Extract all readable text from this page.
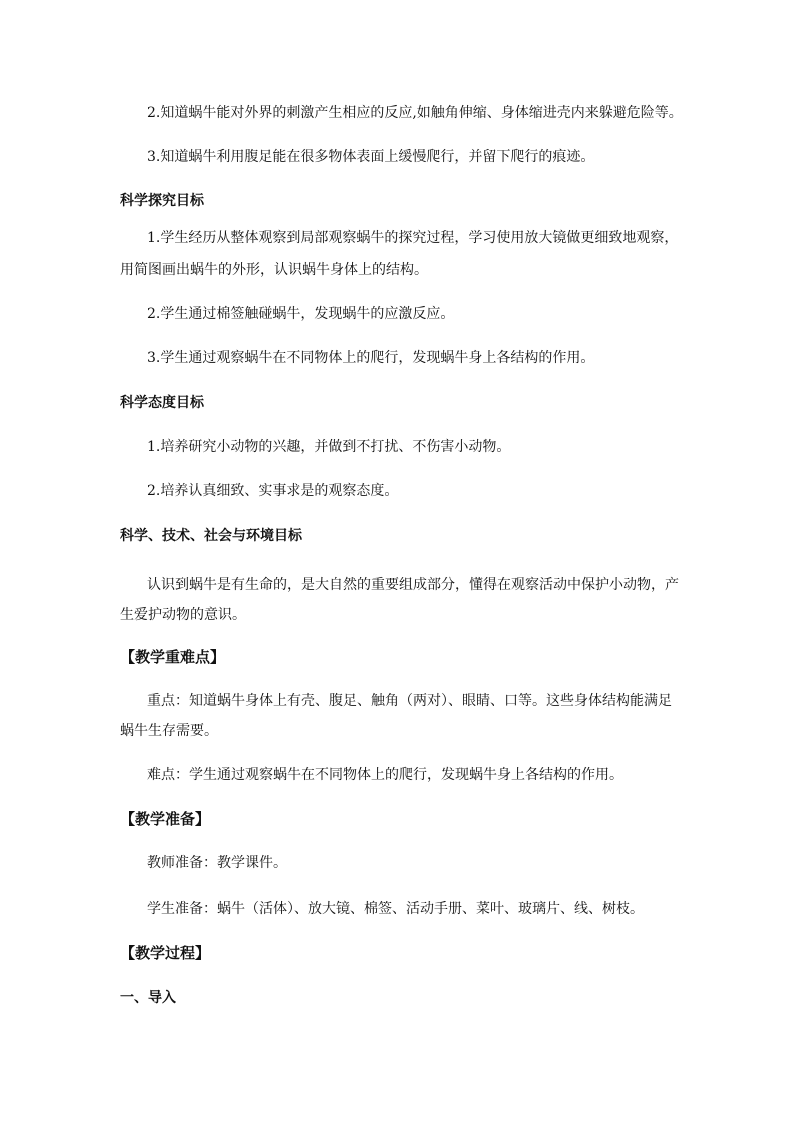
2.知道蜗牛能对外界的刺激产生相应的反应,如触角伸缩、身体缩进壳内来躲避危险等。
3.知道蜗牛利用腹足能在很多物体表面上缓慢爬行，并留下爬行的痕迹。
科学探究目标
1.学生经历从整体观察到局部观察蜗牛的探究过程，学习使用放大镜做更细致地观察，
用简图画出蜗牛的外形，认识蜗牛身体上的结构。
2.学生通过棉签触碰蜗牛，发现蜗牛的应激反应。
3.学生通过观察蜗牛在不同物体上的爬行，发现蜗牛身上各结构的作用。
科学态度目标
1.培养研究小动物的兴趣，并做到不打扰、不伤害小动物。
2.培养认真细致、实事求是的观察态度。
科学、技术、社会与环境目标
认识到蜗牛是有生命的，是大自然的重要组成部分，懂得在观察活动中保护小动物，产
生爱护动物的意识。
【教学重难点】
重点：知道蜗牛身体上有壳、腹足、触角（两对）、眼睛、口等。这些身体结构能满足
蜗牛生存需要。
难点：学生通过观察蜗牛在不同物体上的爬行，发现蜗牛身上各结构的作用。
【教学准备】
教师准备：教学课件。
学生准备：蜗牛（活体）、放大镜、棉签、活动手册、菜叶、玻璃片、线、树枝。
【教学过程】
一、导入
